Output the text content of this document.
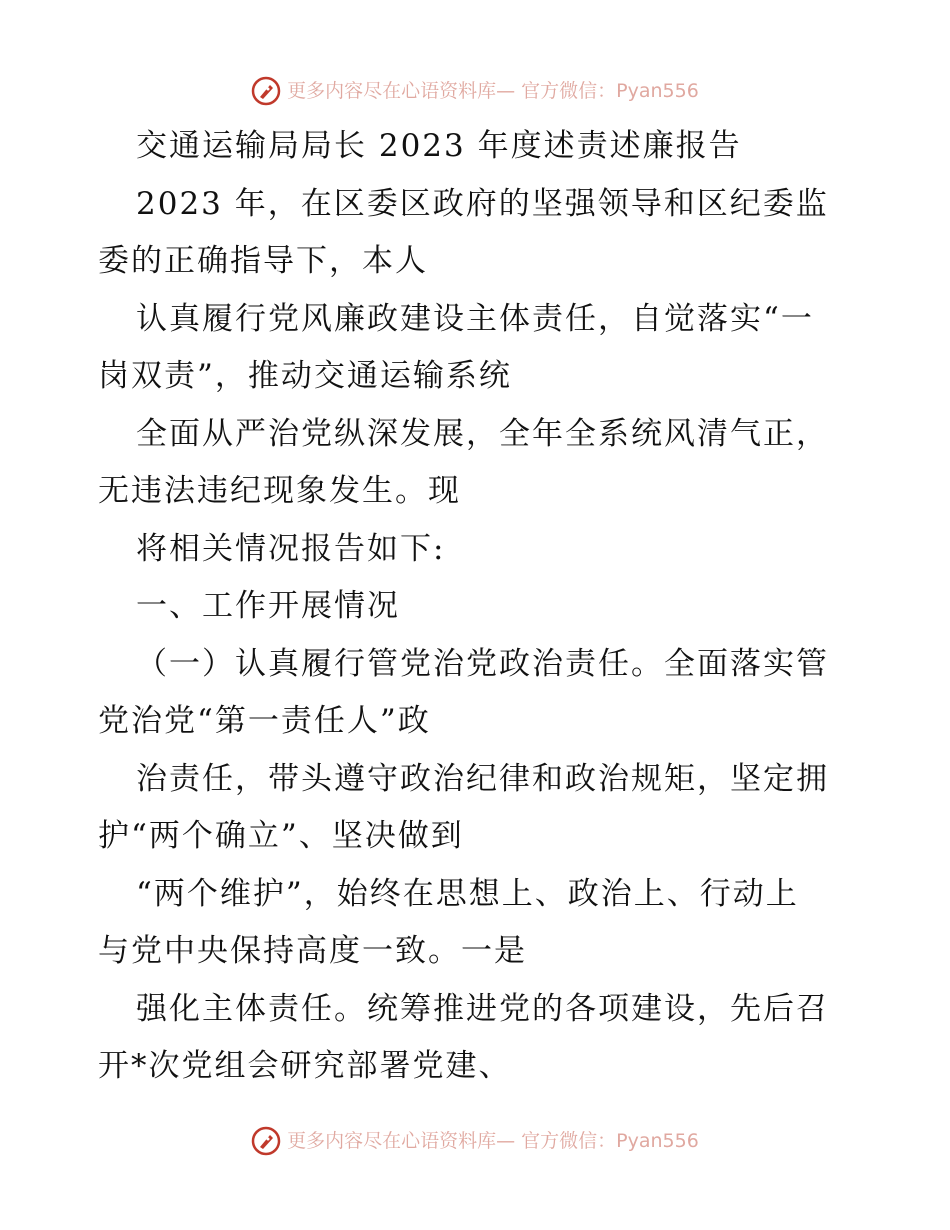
更多内容尽在心语资料库— 官方微信：Pyan556
交通运输局局长 2023 年度述责述廉报告
2023 年，在区委区政府的坚强领导和区纪委监
委的正确指导下，本人
认真履行党风廉政建设主体责任，自觉落实“一
岗双责”，推动交通运输系统
全面从严治党纵深发展，全年全系统风清气正，
无违法违纪现象发生。现
将相关情况报告如下:
一、工作开展情况
（一）认真履行管党治党政治责任。全面落实管
党治党“第一责任人”政
治责任，带头遵守政治纪律和政治规矩，坚定拥
护“两个确立”、坚决做到
“两个维护”，始终在思想上、政治上、行动上
与党中央保持高度一致。一是
强化主体责任。统筹推进党的各项建设，先后召
开*次党组会研究部署党建、
更多内容尽在心语资料库— 官方微信：Pyan556
